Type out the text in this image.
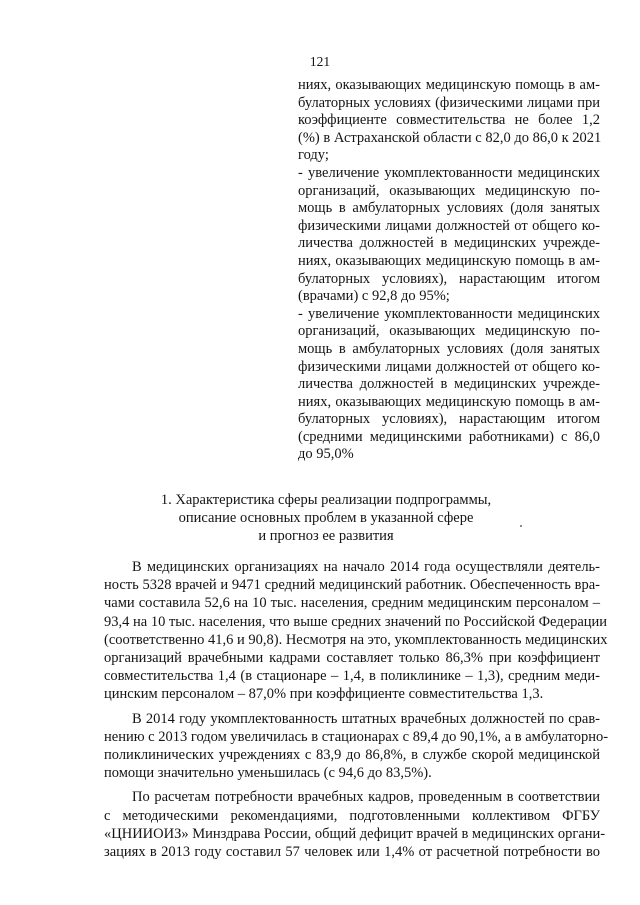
121
ниях, оказывающих медицинскую помощь в ам-
булаторных условиях (физическими лицами при
коэффициенте совместительства не более 1,2
(%) в Астраханской области с 82,0 до 86,0 к 2021
году;
- увеличение укомплектованности медицинских
организаций, оказывающих медицинскую по-
мощь в амбулаторных условиях (доля занятых
физическими лицами должностей от общего ко-
личества должностей в медицинских учрежде-
ниях, оказывающих медицинскую помощь в ам-
булаторных условиях), нарастающим итогом
(врачами) с 92,8 до 95%;
- увеличение укомплектованности медицинских
организаций, оказывающих медицинскую по-
мощь в амбулаторных условиях (доля занятых
физическими лицами должностей от общего ко-
личества должностей в медицинских учрежде-
ниях, оказывающих медицинскую помощь в ам-
булаторных условиях), нарастающим итогом
(средними медицинскими работниками) с 86,0
до 95,0%
1. Характеристика сферы реализации подпрограммы,
описание основных проблем в указанной сфере
и прогноз ее развития
В медицинских организациях на начало 2014 года осуществляли деятель-
ность 5328 врачей и 9471 средний медицинский работник. Обеспеченность вра-
чами составила 52,6 на 10 тыс. населения, средним медицинским персоналом –
93,4 на 10 тыс. населения, что выше средних значений по Российской Федерации
(соответственно 41,6 и 90,8). Несмотря на это, укомплектованность медицинских
организаций врачебными кадрами составляет только 86,3% при коэффициент
совместительства 1,4 (в стационаре – 1,4, в поликлинике – 1,3), средним меди-
цинским персоналом – 87,0% при коэффициенте совместительства 1,3.
В 2014 году укомплектованность штатных врачебных должностей по срав-
нению с 2013 годом увеличилась в стационарах с 89,4 до 90,1%, а в амбулаторно-
поликлинических учреждениях с 83,9 до 86,8%, в службе скорой медицинской
помощи значительно уменьшилась (с 94,6 до 83,5%).
По расчетам потребности врачебных кадров, проведенным в соответствии
с методическими рекомендациями, подготовленными коллективом ФГБУ
«ЦНИИОИЗ» Минздрава России, общий дефицит врачей в медицинских органи-
зациях в 2013 году составил 57 человек или 1,4% от расчетной потребности во
